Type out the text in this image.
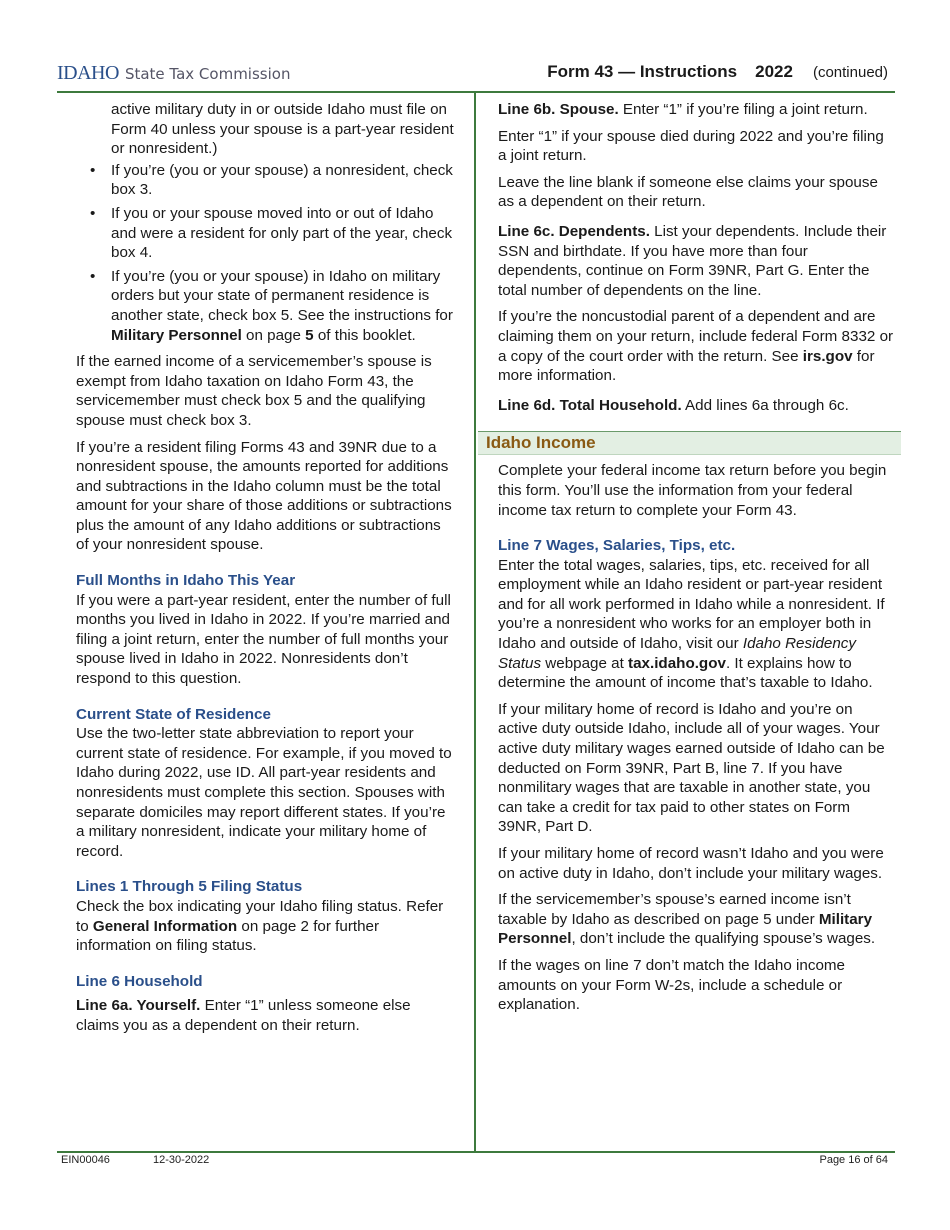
IDAHO State Tax Commission	Form 43 — Instructions 2022 (continued)

active military duty in or outside Idaho must file on Form 40 unless your spouse is a part-year resident or nonresident.)

• If you’re (you or your spouse) a nonresident, check box 3.
• If you or your spouse moved into or out of Idaho and were a resident for only part of the year, check box 4.
• If you’re (you or your spouse) in Idaho on military orders but your state of permanent residence is another state, check box 5. See the instructions for Military Personnel on page 5 of this booklet.

If the earned income of a servicemember’s spouse is exempt from Idaho taxation on Idaho Form 43, the servicemember must check box 5 and the qualifying spouse must check box 3.

If you’re a resident filing Forms 43 and 39NR due to a nonresident spouse, the amounts reported for additions and subtractions in the Idaho column must be the total amount for your share of those additions or subtractions plus the amount of any Idaho additions or subtractions of your nonresident spouse.

Full Months in Idaho This Year

If you were a part-year resident, enter the number of full months you lived in Idaho in 2022. If you’re married and filing a joint return, enter the number of full months your spouse lived in Idaho in 2022. Nonresidents don’t respond to this question.

Current State of Residence

Use the two-letter state abbreviation to report your current state of residence. For example, if you moved to Idaho during 2022, use ID. All part-year residents and nonresidents must complete this section. Spouses with separate domiciles may report different states. If you’re a military nonresident, indicate your military home of record.

Lines 1 Through 5 Filing Status

Check the box indicating your Idaho filing status. Refer to General Information on page 2 for further information on filing status.

Line 6 Household

Line 6a. Yourself. Enter “1” unless someone else claims you as a dependent on their return.

Line 6b. Spouse. Enter “1” if you’re filing a joint return.

Enter “1” if your spouse died during 2022 and you’re filing a joint return.

Leave the line blank if someone else claims your spouse as a dependent on their return.

Line 6c. Dependents. List your dependents. Include their SSN and birthdate. If you have more than four dependents, continue on Form 39NR, Part G. Enter the total number of dependents on the line.

If you’re the noncustodial parent of a dependent and are claiming them on your return, include federal Form 8332 or a copy of the court order with the return. See irs.gov for more information.

Line 6d. Total Household. Add lines 6a through 6c.

Idaho Income

Complete your federal income tax return before you begin this form. You’ll use the information from your federal income tax return to complete your Form 43.

Line 7 Wages, Salaries, Tips, etc.

Enter the total wages, salaries, tips, etc. received for all employment while an Idaho resident or part-year resident and for all work performed in Idaho while a nonresident. If you’re a nonresident who works for an employer both in Idaho and outside of Idaho, visit our Idaho Residency Status webpage at tax.idaho.gov. It explains how to determine the amount of income that’s taxable to Idaho.

If your military home of record is Idaho and you’re on active duty outside Idaho, include all of your wages. Your active duty military wages earned outside of Idaho can be deducted on Form 39NR, Part B, line 7. If you have nonmilitary wages that are taxable in another state, you can take a credit for tax paid to other states on Form 39NR, Part D.

If your military home of record wasn’t Idaho and you were on active duty in Idaho, don’t include your military wages.

If the servicemember’s spouse’s earned income isn’t taxable by Idaho as described on page 5 under Military Personnel, don’t include the qualifying spouse’s wages.

If the wages on line 7 don’t match the Idaho income amounts on your Form W-2s, include a schedule or explanation.

EIN00046	12-30-2022	Page 16 of 64
